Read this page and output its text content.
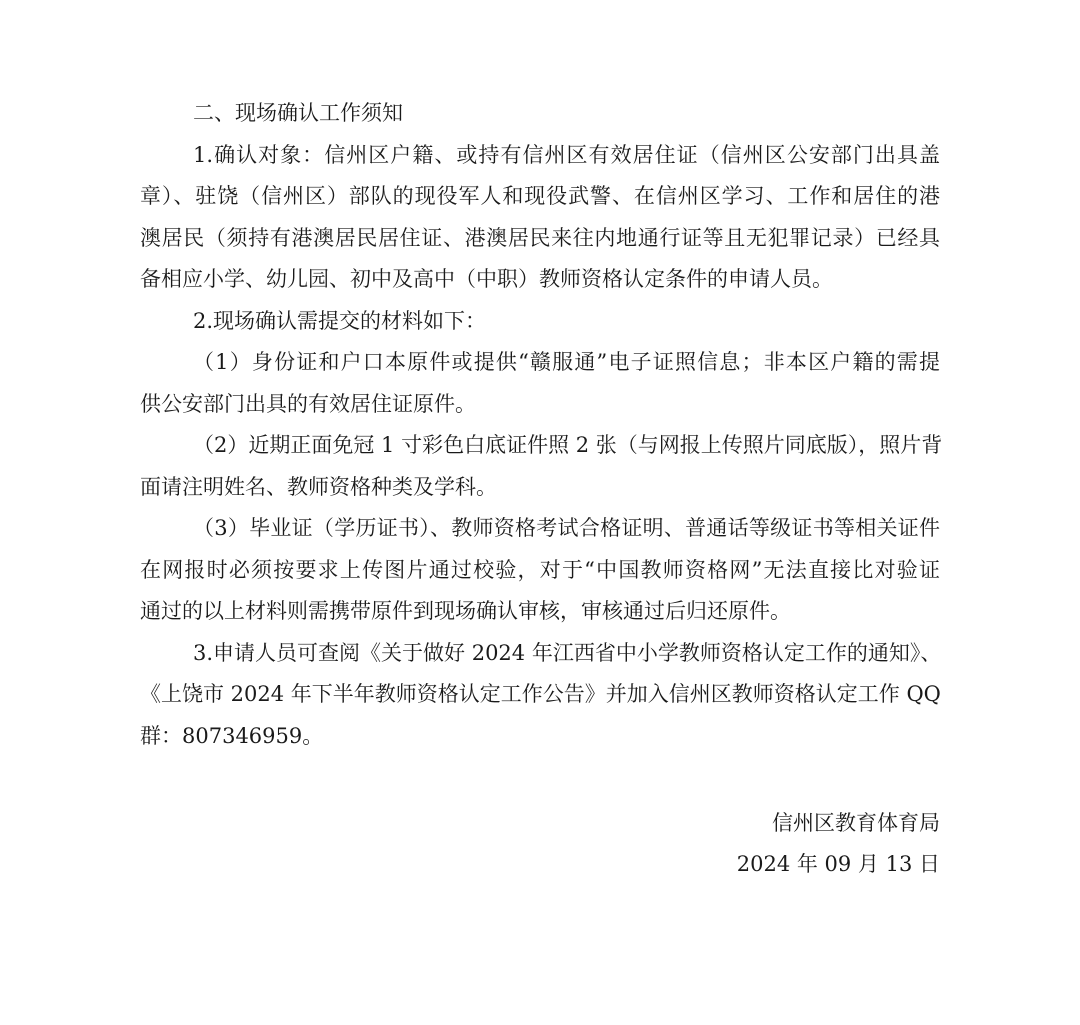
二、现场确认工作须知
1.确认对象：信州区户籍、或持有信州区有效居住证（信州区公安部门出具盖
章）、驻饶（信州区）部队的现役军人和现役武警、在信州区学习、工作和居住的港
澳居民（须持有港澳居民居住证、港澳居民来往内地通行证等且无犯罪记录）已经具
备相应小学、幼儿园、初中及高中（中职）教师资格认定条件的申请人员。
2.现场确认需提交的材料如下：
（1）身份证和户口本原件或提供“赣服通”电子证照信息；非本区户籍的需提
供公安部门出具的有效居住证原件。
（2）近期正面免冠 1 寸彩色白底证件照 2 张（与网报上传照片同底版），照片背
面请注明姓名、教师资格种类及学科。
（3）毕业证（学历证书）、教师资格考试合格证明、普通话等级证书等相关证件
在网报时必须按要求上传图片通过校验，对于“中国教师资格网”无法直接比对验证
通过的以上材料则需携带原件到现场确认审核，审核通过后归还原件。
3.申请人员可查阅《关于做好 2024 年江西省中小学教师资格认定工作的通知》、
《上饶市 2024 年下半年教师资格认定工作公告》并加入信州区教师资格认定工作 QQ
群：807346959。
信州区教育体育局
2024 年 09 月 13 日
